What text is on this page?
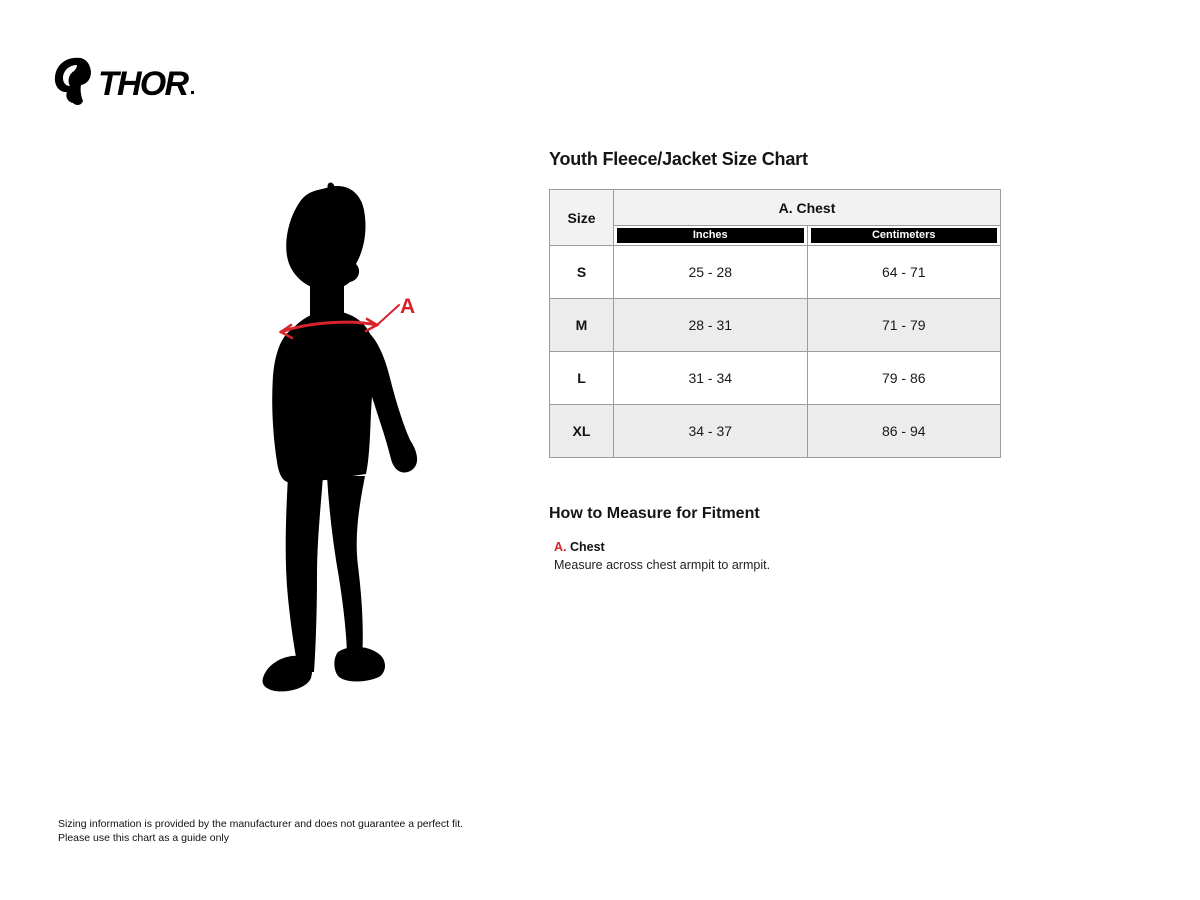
THOR
A
Youth Fleece/Jacket Size Chart
Size	A. Chest	

	Inches	Centimeters

S	25 - 28	64 - 71
M	28 - 31	71 - 79
L	31 - 34	79 - 86
XL	34 - 37	86 - 94
How to Measure for Fitment
A. Chest
Measure across chest armpit to armpit.
Sizing information is provided by the manufacturer and does not guarantee a perfect fit.
Please use this chart as a guide only
